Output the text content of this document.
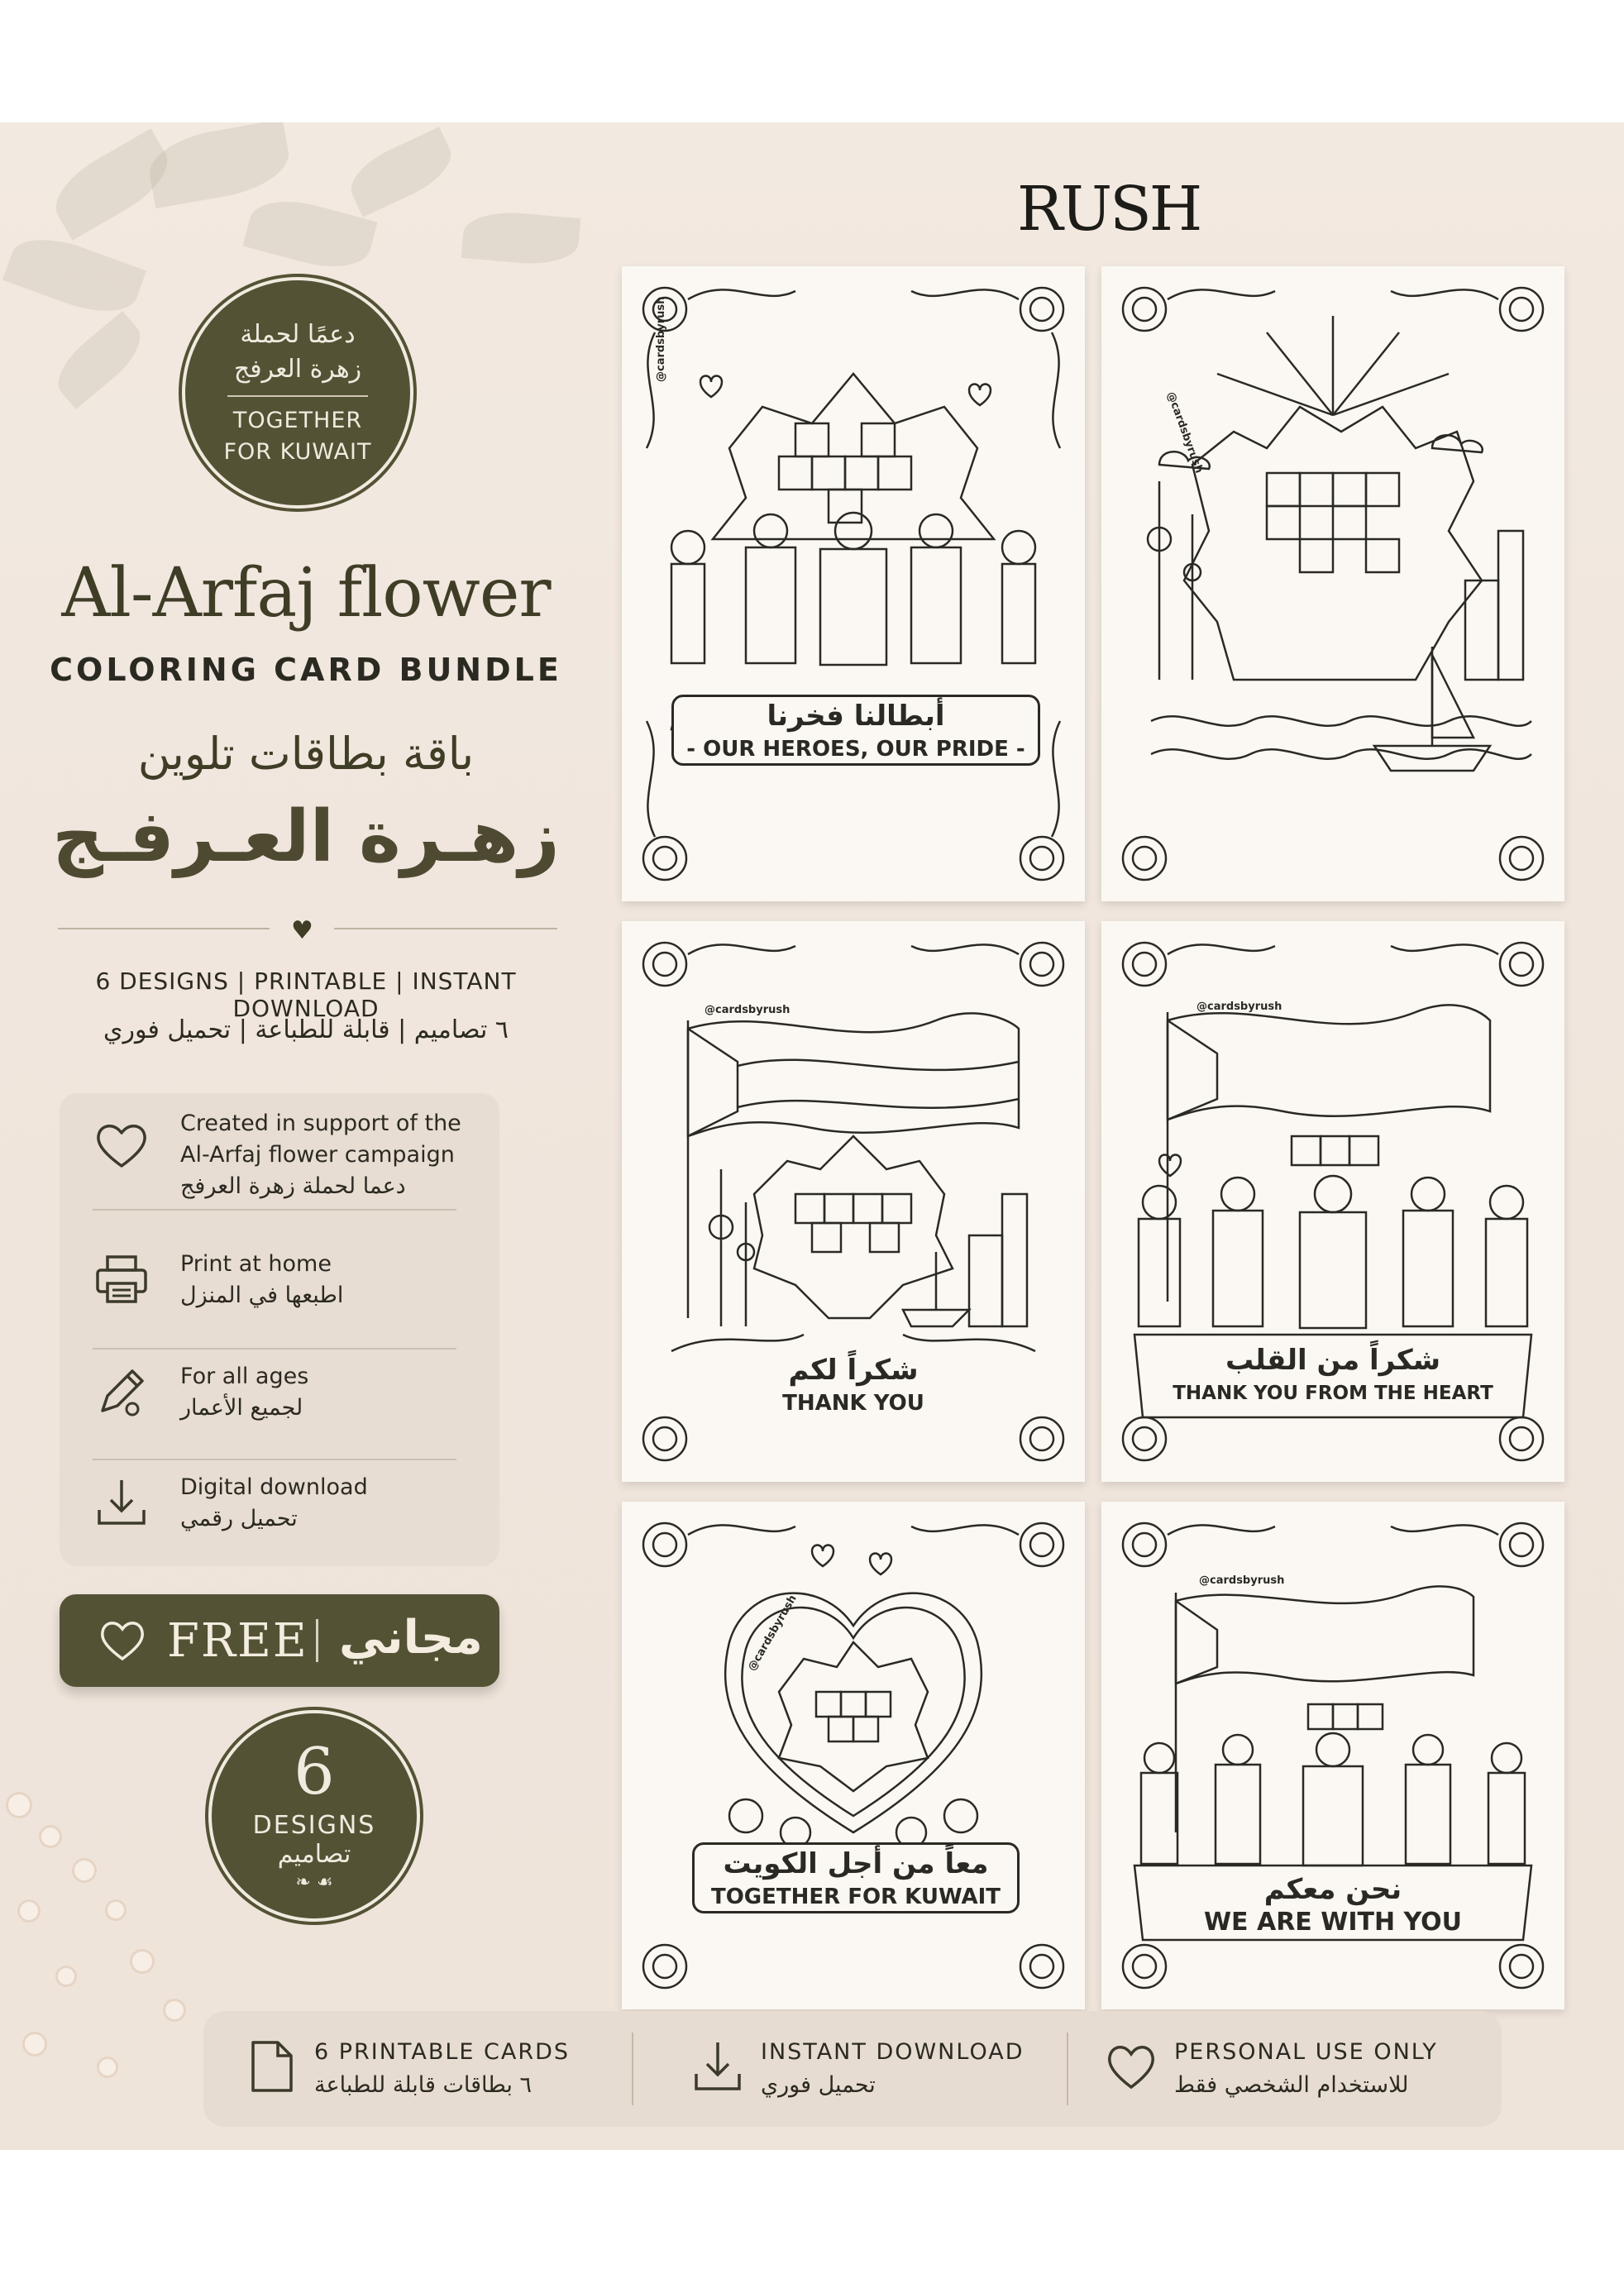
RUSH
دعمًا لحملة زهرة العرفج
TOGETHER FOR KUWAIT
Al-Arfaj flower
COLORING CARD BUNDLE
باقة بطاقات تلوين
زهـرة العـرفـج
♥
6 DESIGNS | PRINTABLE | INSTANT DOWNLOAD
٦ تصاميم | قابلة للطباعة | تحميل فوري
Created in support of the
Al-Arfaj flower campaign
دعما لحملة زهرة العرفج
Print at home
اطبعها في المنزل
For all ages
لجميع الأعمار
Digital download
تحميل رقمي
FREE مجاني
6
DESIGNS
تصاميم
❧ ☙
@cardsbyrush
أبطالنا فخرنا
- OUR HEROES, OUR PRIDE -
@cardsbyrush
@cardsbyrush
شكراً لكم
THANK YOU
@cardsbyrush
شكراً من القلب
THANK YOU FROM THE HEART
@cardsbyrush
معاً من أجل الكويت
TOGETHER FOR KUWAIT
@cardsbyrush
نحن معكم
WE ARE WITH YOU
6 PRINTABLE CARDS
٦ بطاقات قابلة للطباعة
INSTANT DOWNLOAD
تحميل فوري
PERSONAL USE ONLY
للاستخدام الشخصي فقط
